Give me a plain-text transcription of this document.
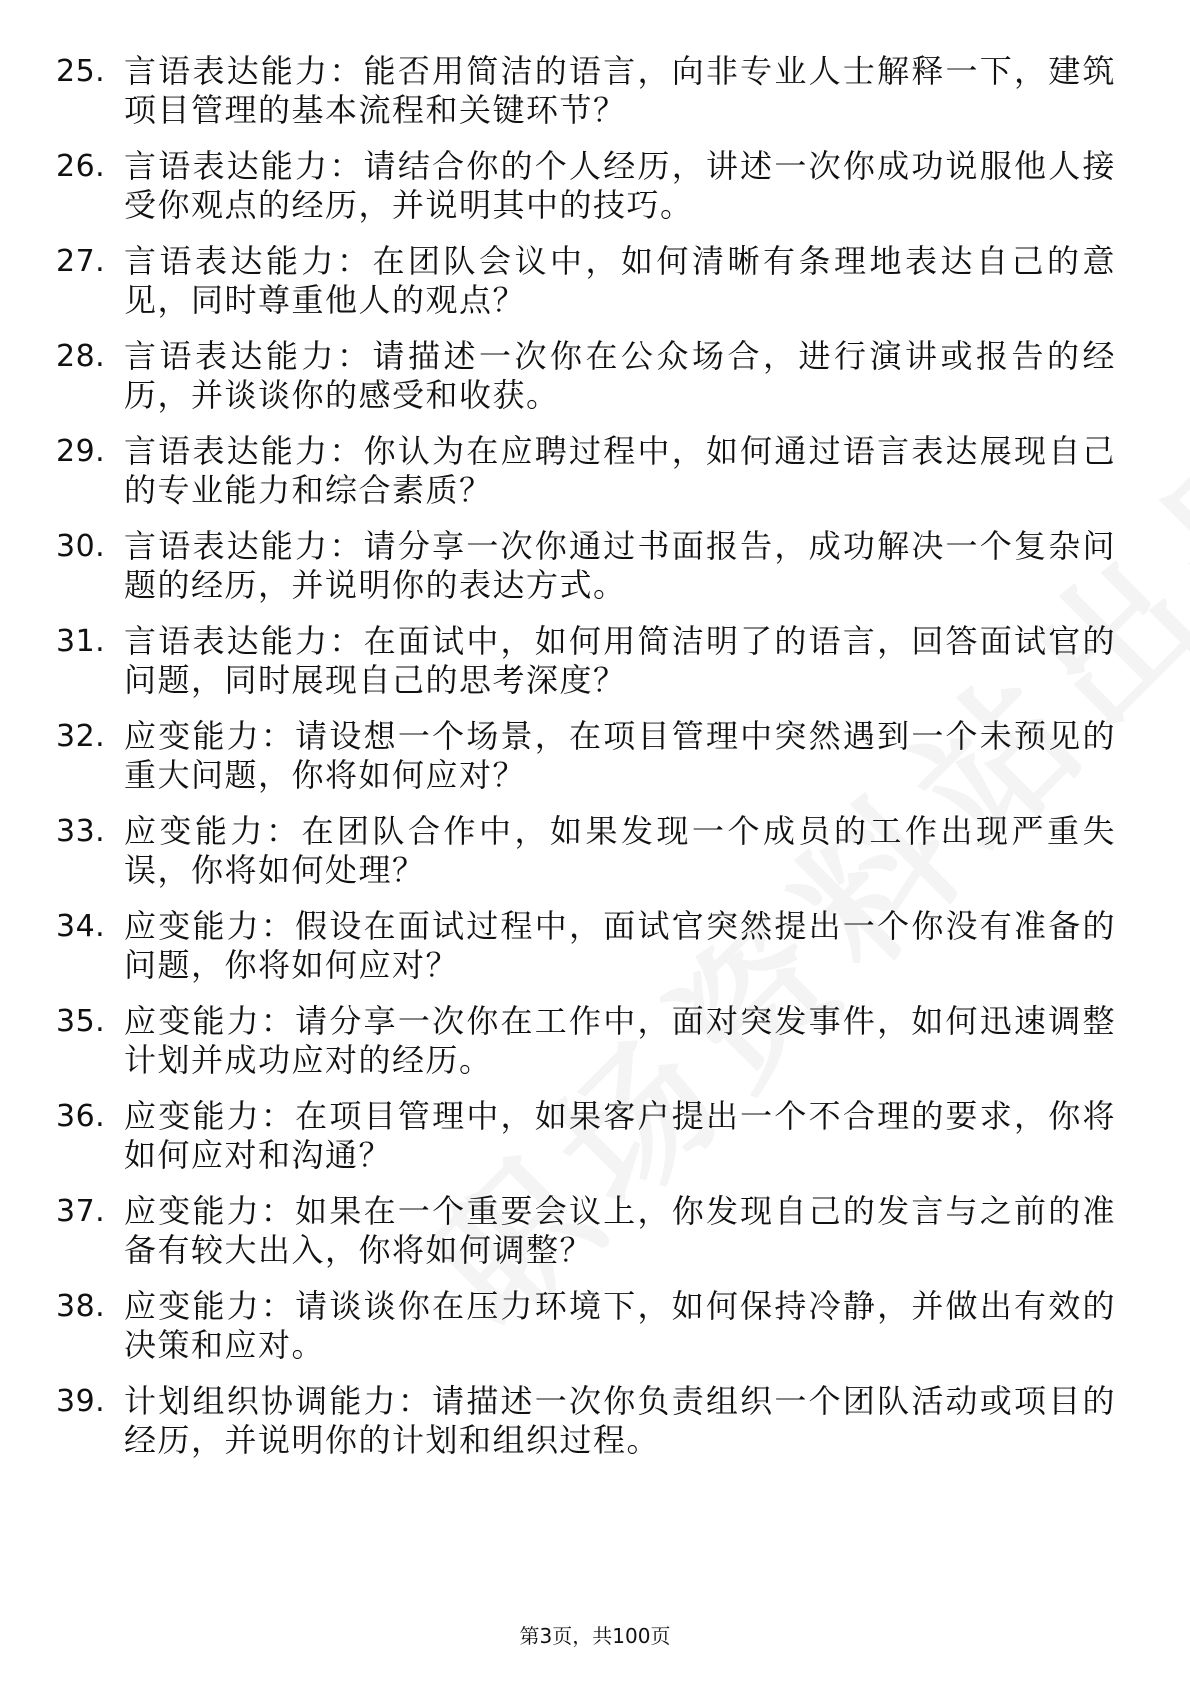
25. 言语表达能力：能否用简洁的语言，向非专业人士解释一下，建筑项目管理的基本流程和关键环节？
26. 言语表达能力：请结合你的个人经历，讲述一次你成功说服他人接受你观点的经历，并说明其中的技巧。
27. 言语表达能力：在团队会议中，如何清晰有条理地表达自己的意见，同时尊重他人的观点？
28. 言语表达能力：请描述一次你在公众场合，进行演讲或报告的经历，并谈谈你的感受和收获。
29. 言语表达能力：你认为在应聘过程中，如何通过语言表达展现自己的专业能力和综合素质？
30. 言语表达能力：请分享一次你通过书面报告，成功解决一个复杂问题的经历，并说明你的表达方式。
31. 言语表达能力：在面试中，如何用简洁明了的语言，回答面试官的问题，同时展现自己的思考深度？
32. 应变能力：请设想一个场景，在项目管理中突然遇到一个未预见的重大问题，你将如何应对？
33. 应变能力：在团队合作中，如果发现一个成员的工作出现严重失误，你将如何处理？
34. 应变能力：假设在面试过程中，面试官突然提出一个你没有准备的问题，你将如何应对？
35. 应变能力：请分享一次你在工作中，面对突发事件，如何迅速调整计划并成功应对的经历。
36. 应变能力：在项目管理中，如果客户提出一个不合理的要求，你将如何应对和沟通？
37. 应变能力：如果在一个重要会议上，你发现自己的发言与之前的准备有较大出入，你将如何调整？
38. 应变能力：请谈谈你在压力环境下，如何保持冷静，并做出有效的决策和应对。
39. 计划组织协调能力：请描述一次你负责组织一个团队活动或项目的经历，并说明你的计划和组织过程。
第3页，共100页
